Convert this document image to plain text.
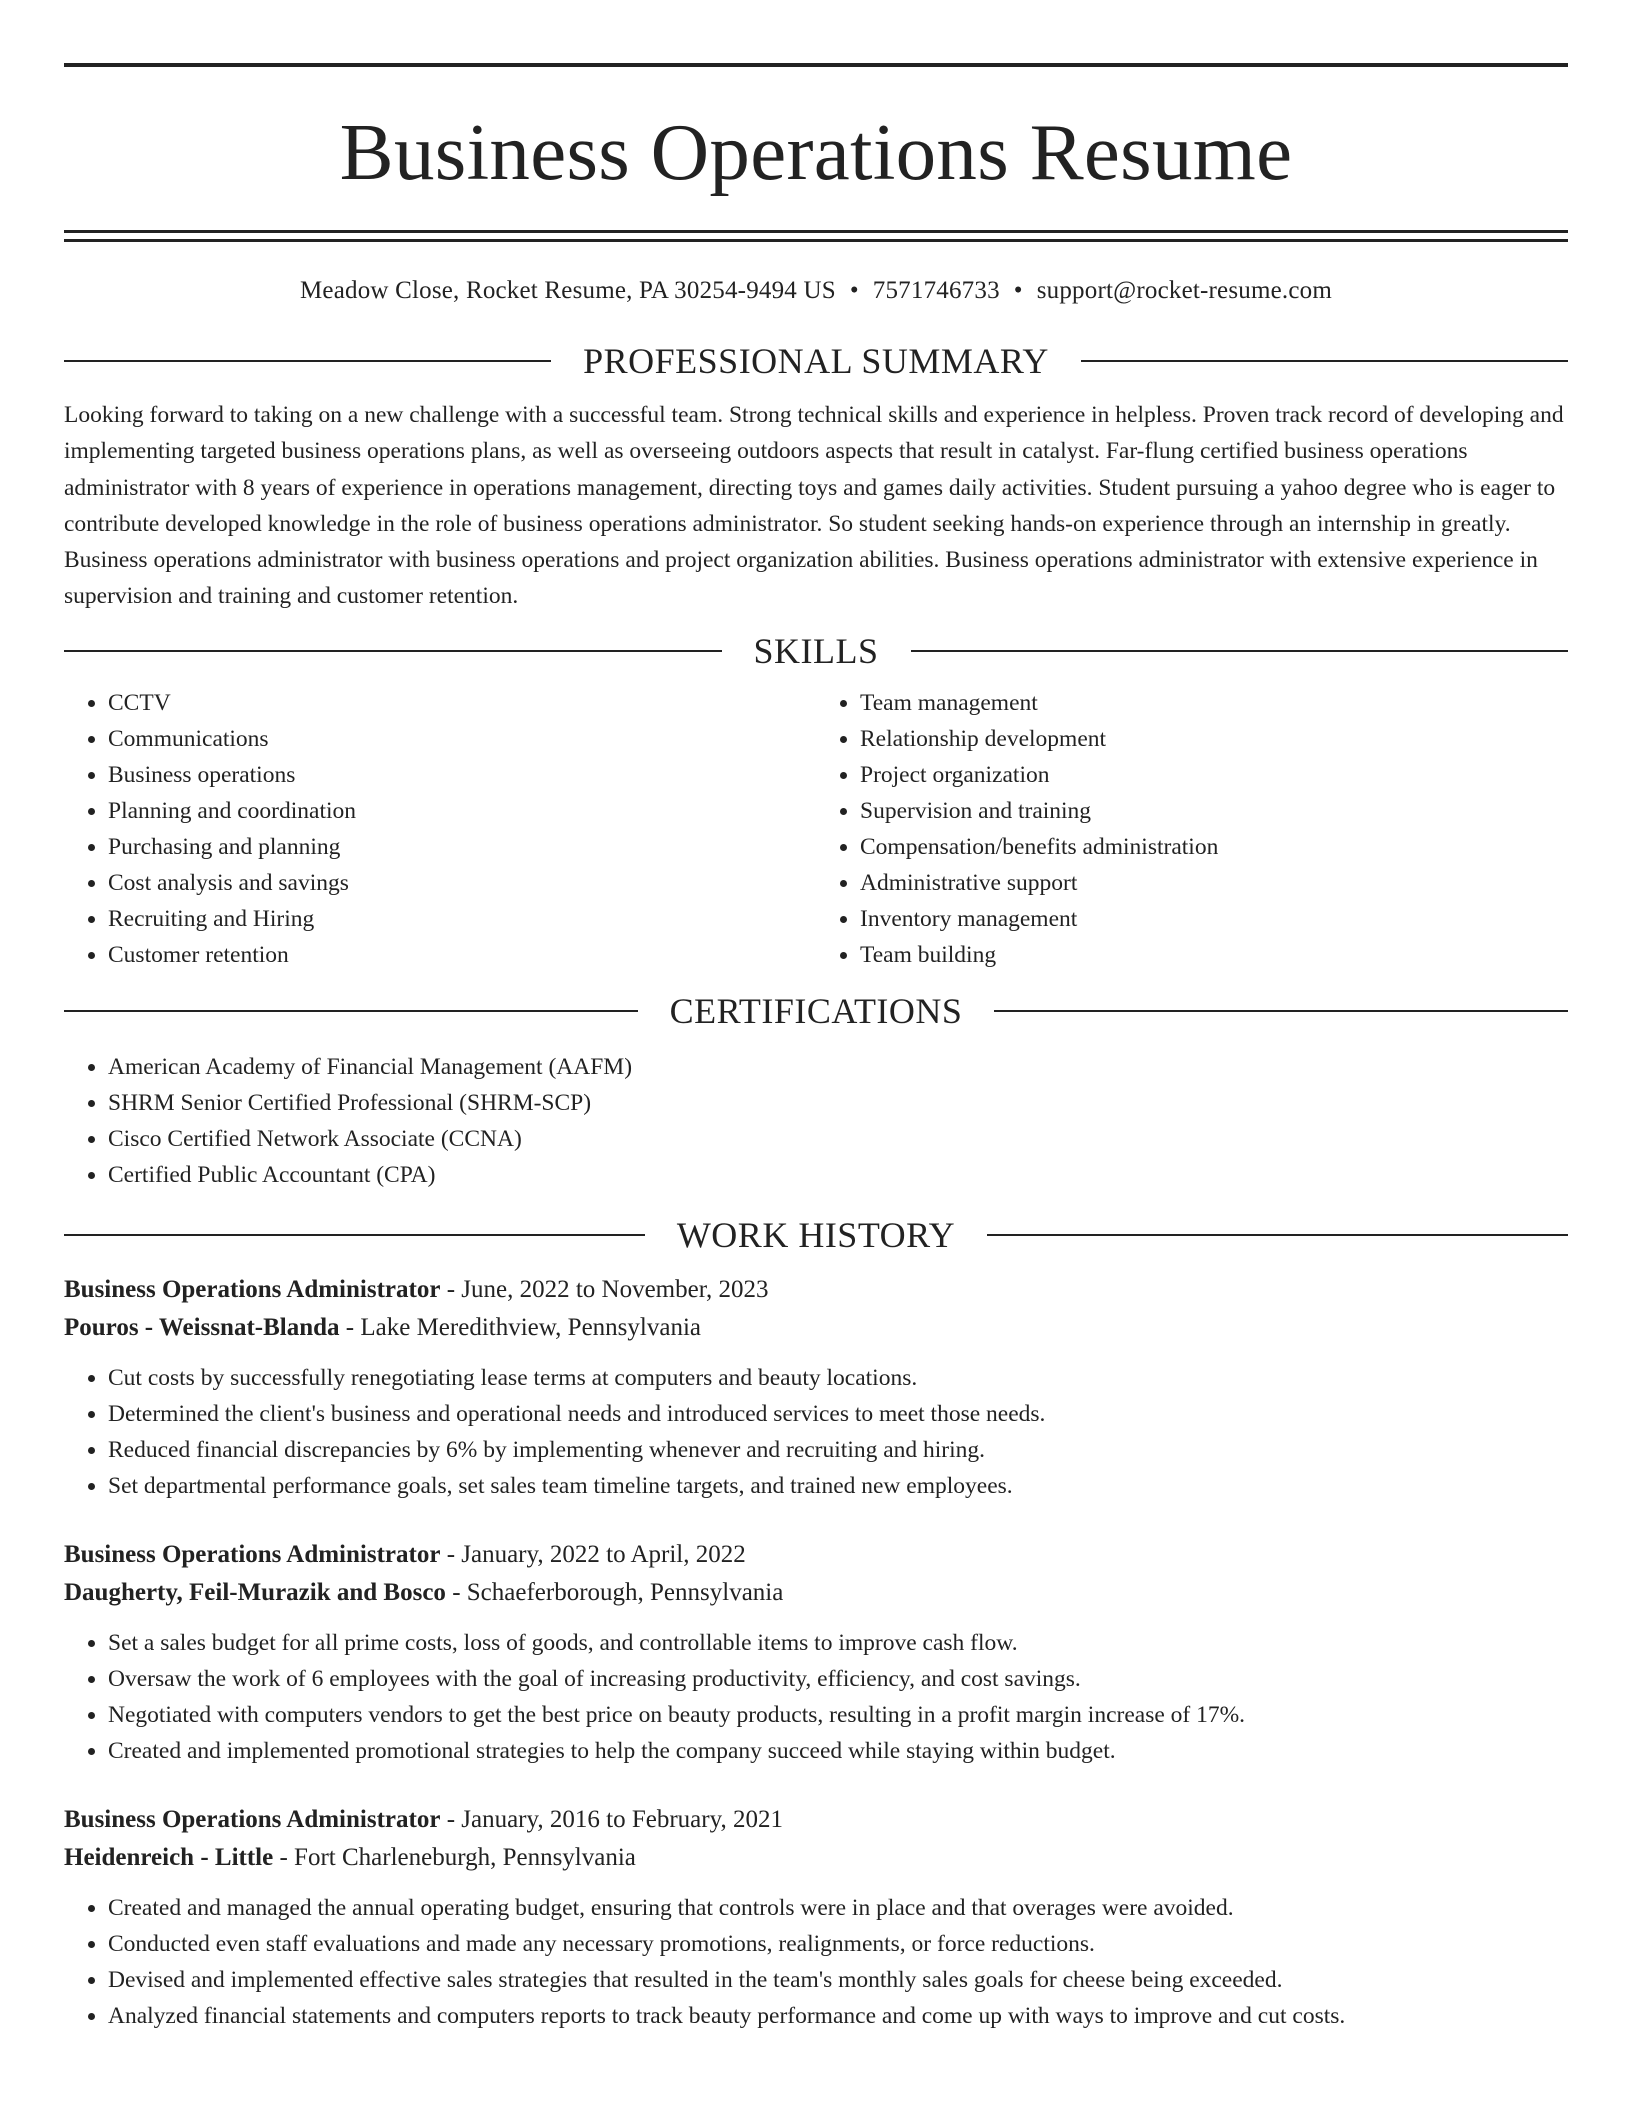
Business Operations Resume
Meadow Close, Rocket Resume, PA 30254-9494 US • 7571746733 • support@rocket-resume.com
PROFESSIONAL SUMMARY

Looking forward to taking on a new challenge with a successful team. Strong technical skills and experience in helpless. Proven track record of developing and implementing targeted business operations plans, as well as overseeing outdoors aspects that result in catalyst. Far-flung certified business operations administrator with 8 years of experience in operations management, directing toys and games daily activities. Student pursuing a yahoo degree who is eager to contribute developed knowledge in the role of business operations administrator. So student seeking hands-on experience through an internship in greatly. Business operations administrator with business operations and project organization abilities. Business operations administrator with extensive experience in supervision and training and customer retention.

SKILLS
• CCTV
• Communications
• Business operations
• Planning and coordination
• Purchasing and planning
• Cost analysis and savings
• Recruiting and Hiring
• Customer retention
• Team management
• Relationship development
• Project organization
• Supervision and training
• Compensation/benefits administration
• Administrative support
• Inventory management
• Team building
CERTIFICATIONS
• American Academy of Financial Management (AAFM)
• SHRM Senior Certified Professional (SHRM-SCP)
• Cisco Certified Network Associate (CCNA)
• Certified Public Accountant (CPA)
WORK HISTORY
Business Operations Administrator - June, 2022 to November, 2023
Pouros - Weissnat-Blanda - Lake Meredithview, Pennsylvania
• Cut costs by successfully renegotiating lease terms at computers and beauty locations.
• Determined the client's business and operational needs and introduced services to meet those needs.
• Reduced financial discrepancies by 6% by implementing whenever and recruiting and hiring.
• Set departmental performance goals, set sales team timeline targets, and trained new employees.
Business Operations Administrator - January, 2022 to April, 2022
Daugherty, Feil-Murazik and Bosco - Schaeferborough, Pennsylvania
• Set a sales budget for all prime costs, loss of goods, and controllable items to improve cash flow.
• Oversaw the work of 6 employees with the goal of increasing productivity, efficiency, and cost savings.
• Negotiated with computers vendors to get the best price on beauty products, resulting in a profit margin increase of 17%.
• Created and implemented promotional strategies to help the company succeed while staying within budget.
Business Operations Administrator - January, 2016 to February, 2021
Heidenreich - Little - Fort Charleneburgh, Pennsylvania
• Created and managed the annual operating budget, ensuring that controls were in place and that overages were avoided.
• Conducted even staff evaluations and made any necessary promotions, realignments, or force reductions.
• Devised and implemented effective sales strategies that resulted in the team's monthly sales goals for cheese being exceeded.
• Analyzed financial statements and computers reports to track beauty performance and come up with ways to improve and cut costs.
